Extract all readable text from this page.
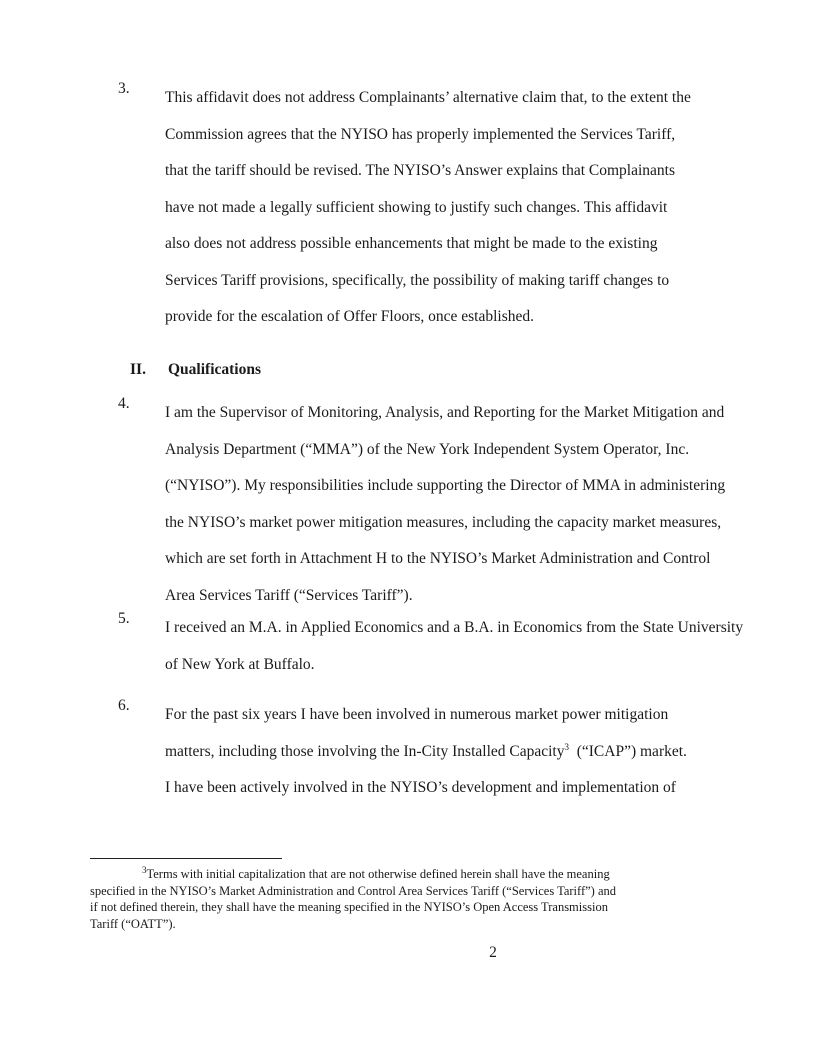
3.
This affidavit does not address Complainants’ alternative claim that, to the extent the
Commission agrees that the NYISO has properly implemented the Services Tariff,
that the tariff should be revised. The NYISO’s Answer explains that Complainants
have not made a legally sufficient showing to justify such changes. This affidavit
also does not address possible enhancements that might be made to the existing
Services Tariff provisions, specifically, the possibility of making tariff changes to
provide for the escalation of Offer Floors, once established.
II. Qualifications
4.
I am the Supervisor of Monitoring, Analysis, and Reporting for the Market Mitigation and
Analysis Department (“MMA”) of the New York Independent System Operator, Inc.
(“NYISO”). My responsibilities include supporting the Director of MMA in administering
the NYISO’s market power mitigation measures, including the capacity market measures,
which are set forth in Attachment H to the NYISO’s Market Administration and Control
Area Services Tariff (“Services Tariff”).
5.
I received an M.A. in Applied Economics and a B.A. in Economics from the State University
of New York at Buffalo.
6.
For the past six years I have been involved in numerous market power mitigation
matters, including those involving the In-City Installed Capacity$^3$  (“ICAP”) market.
I have been actively involved in the NYISO’s development and implementation of
$^3$Terms with initial capitalization that are not otherwise defined herein shall have the meaning
specified in the NYISO’s Market Administration and Control Area Services Tariff (“Services Tariff”) and
if not defined therein, they shall have the meaning specified in the NYISO’s Open Access Transmission
Tariff (“OATT”).
2
